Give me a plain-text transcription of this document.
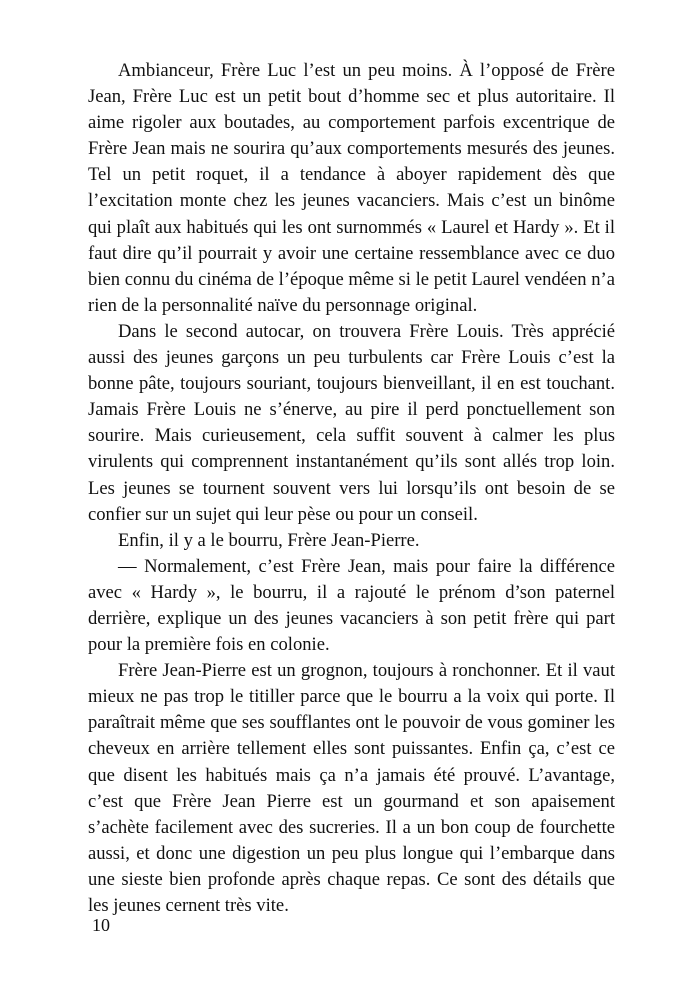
Ambianceur, Frère Luc l’est un peu moins. À l’opposé de Frère Jean, Frère Luc est un petit bout d’homme sec et plus autoritaire. Il aime rigoler aux boutades, au comportement parfois excentrique de Frère Jean mais ne sourira qu’aux comportements mesurés des jeunes. Tel un petit roquet, il a tendance à aboyer rapidement dès que l’excitation monte chez les jeunes vacanciers. Mais c’est un binôme qui plaît aux habitués qui les ont surnommés « Laurel et Hardy ». Et il faut dire qu’il pourrait y avoir une certaine ressemblance avec ce duo bien connu du cinéma de l’époque même si le petit Laurel vendéen n’a rien de la personnalité naïve du personnage original.

Dans le second autocar, on trouvera Frère Louis. Très apprécié aussi des jeunes garçons un peu turbulents car Frère Louis c’est la bonne pâte, toujours souriant, toujours bienveillant, il en est touchant. Jamais Frère Louis ne s’énerve, au pire il perd ponctuellement son sourire. Mais curieusement, cela suffit souvent à calmer les plus virulents qui comprennent instantanément qu’ils sont allés trop loin. Les jeunes se tournent souvent vers lui lorsqu’ils ont besoin de se confier sur un sujet qui leur pèse ou pour un conseil.

Enfin, il y a le bourru, Frère Jean-Pierre.

— Normalement, c’est Frère Jean, mais pour faire la différence avec « Hardy », le bourru, il a rajouté le prénom d’son paternel derrière, explique un des jeunes vacanciers à son petit frère qui part pour la première fois en colonie.

Frère Jean-Pierre est un grognon, toujours à ronchonner. Et il vaut mieux ne pas trop le titiller parce que le bourru a la voix qui porte. Il paraîtrait même que ses soufflantes ont le pouvoir de vous gominer les cheveux en arrière tellement elles sont puissantes. Enfin ça, c’est ce que disent les habitués mais ça n’a jamais été prouvé. L’avantage, c’est que Frère Jean Pierre est un gourmand et son apaisement s’achète facilement avec des sucreries. Il a un bon coup de fourchette aussi, et donc une digestion un peu plus longue qui l’embarque dans une sieste bien profonde après chaque repas. Ce sont des détails que les jeunes cernent très vite.

10
